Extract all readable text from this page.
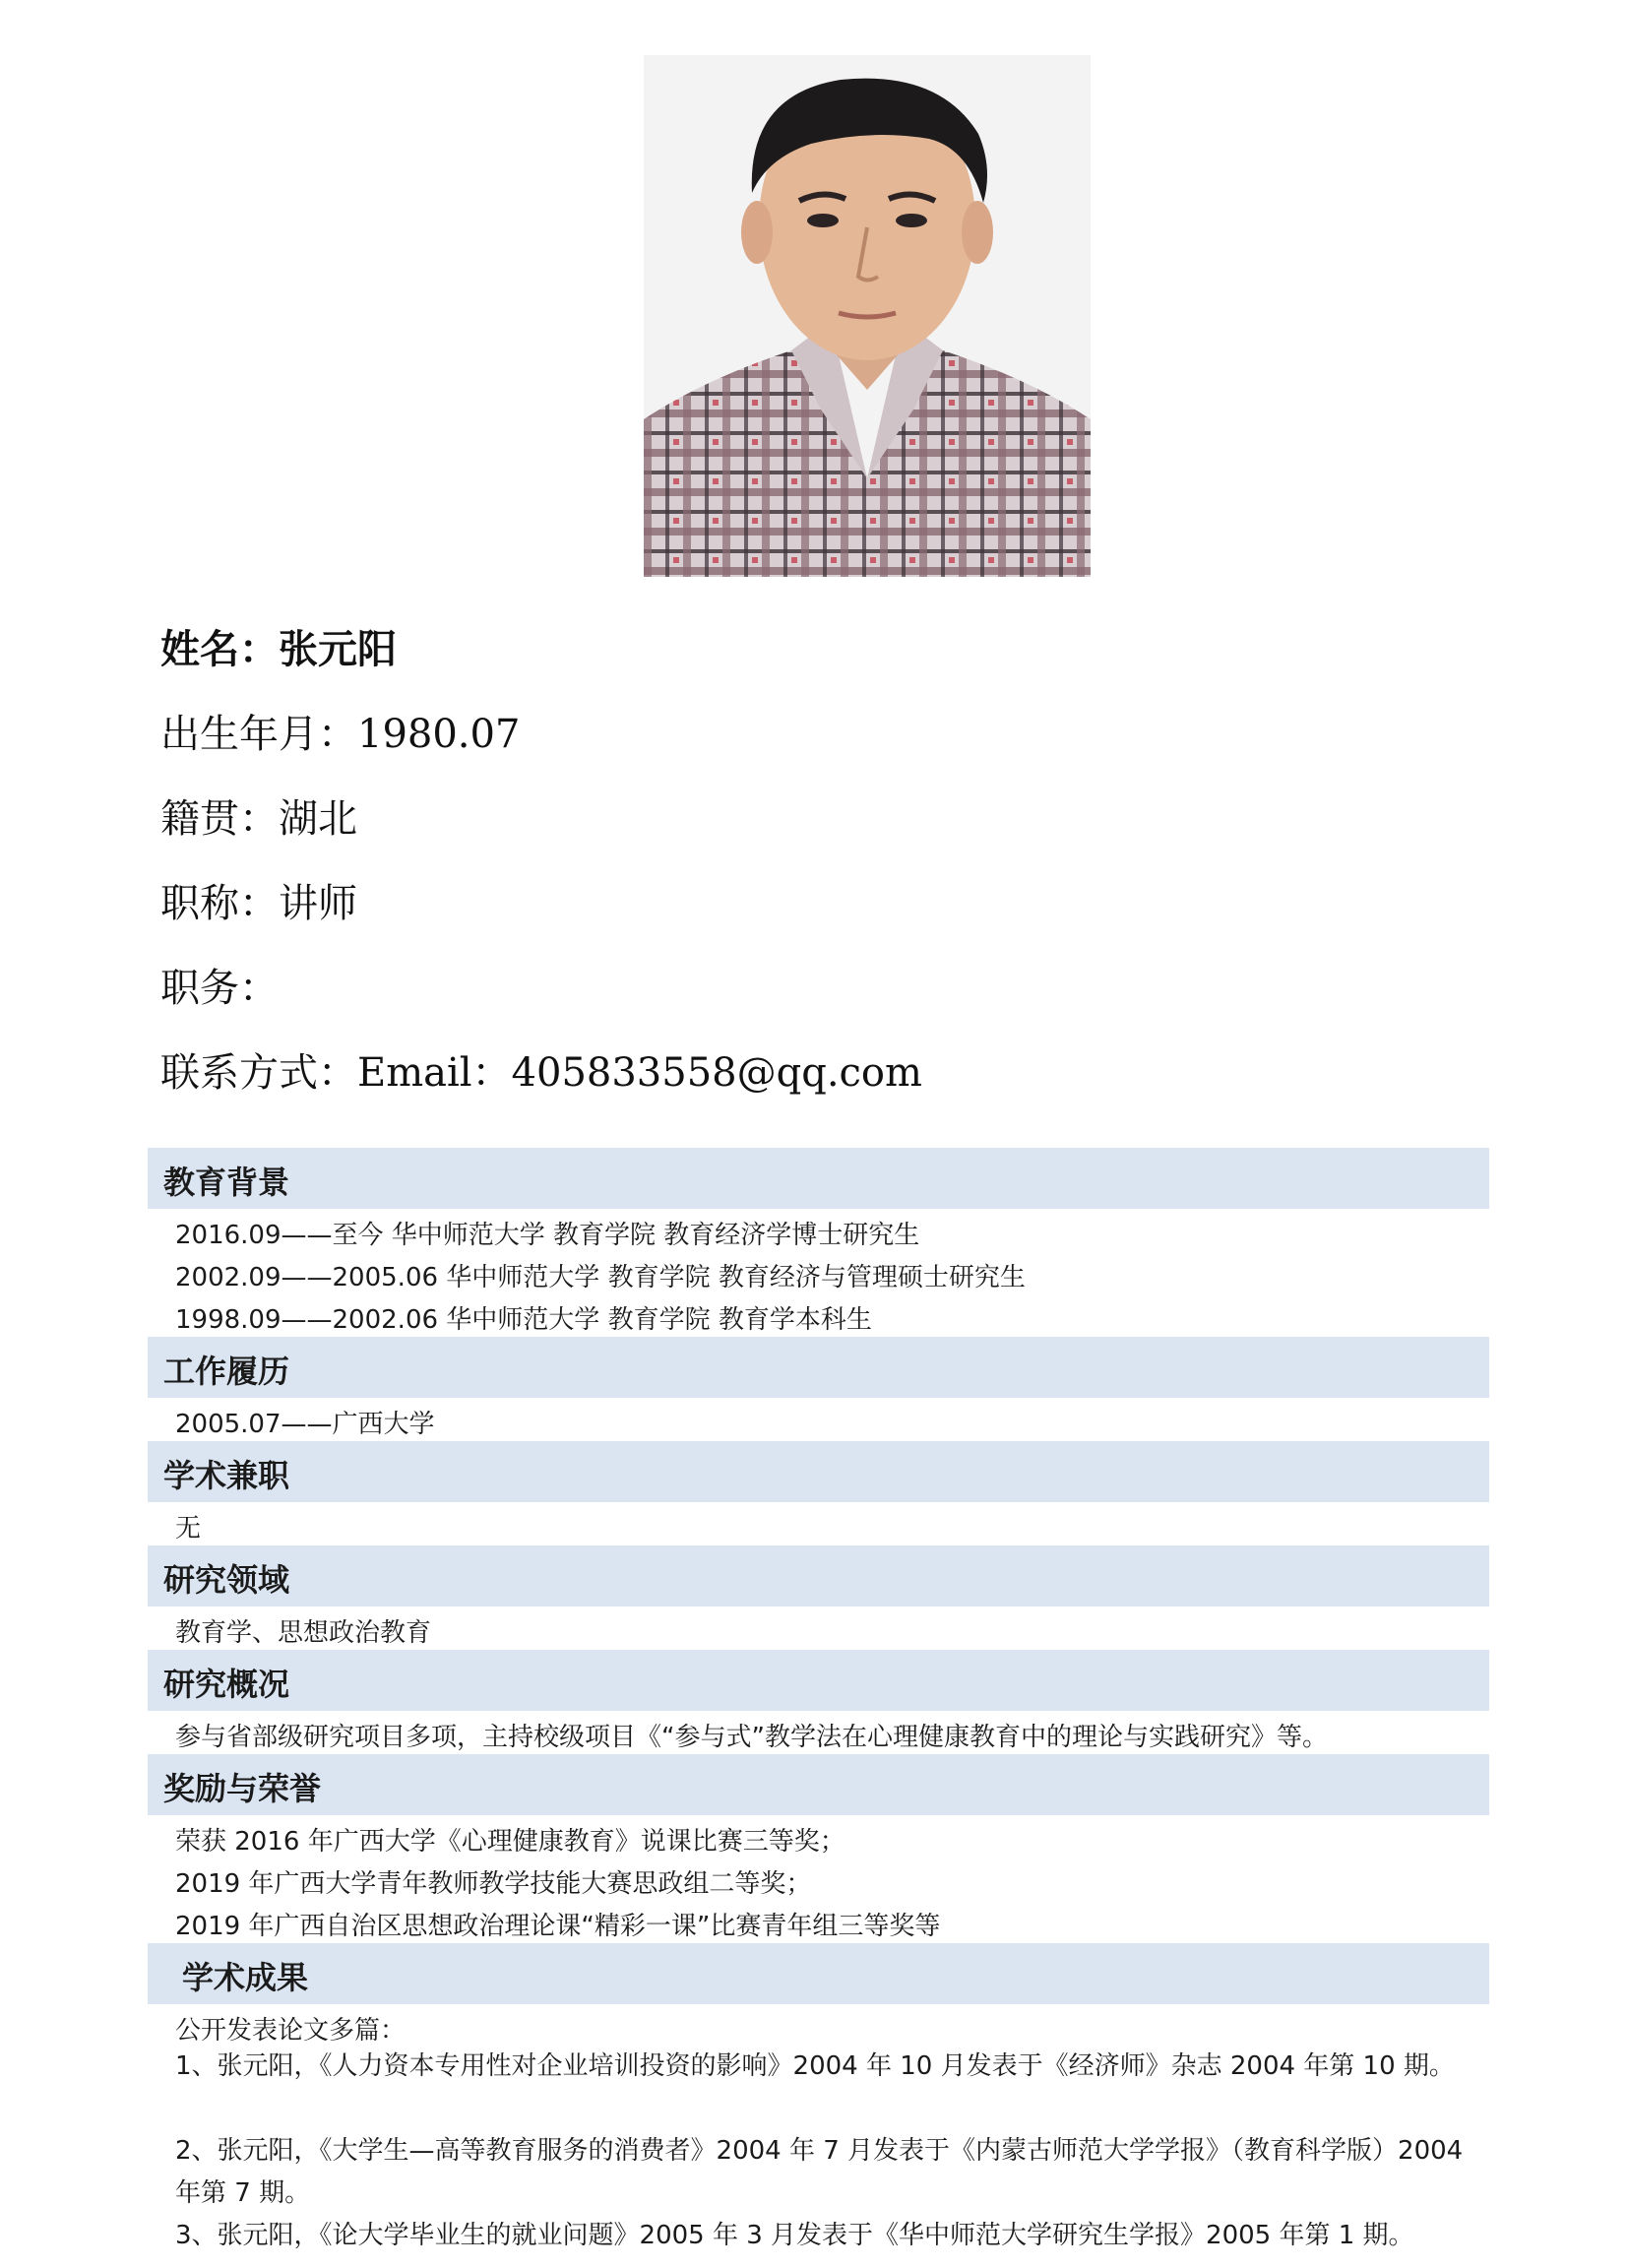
姓名：张元阳
出生年月：1980.07
籍贯：湖北
职称：讲师
职务：
联系方式：Email：405833558@qq.com
教育背景
2016.09——至今 华中师范大学 教育学院 教育经济学博士研究生
2002.09——2005.06 华中师范大学 教育学院 教育经济与管理硕士研究生
1998.09——2002.06 华中师范大学 教育学院 教育学本科生
工作履历
2005.07——广西大学
学术兼职
无
研究领域
教育学、思想政治教育
研究概况
参与省部级研究项目多项，主持校级项目《“参与式”教学法在心理健康教育中的理论与实践研究》等。
奖励与荣誉
荣获 2016 年广西大学《心理健康教育》说课比赛三等奖；
2019 年广西大学青年教师教学技能大赛思政组二等奖；
2019 年广西自治区思想政治理论课“精彩一课”比赛青年组三等奖等
学术成果
公开发表论文多篇：
1、张元阳，《人力资本专用性对企业培训投资的影响》2004 年 10 月发表于《经济师》杂志 2004 年第 10 期。
2、张元阳，《大学生—高等教育服务的消费者》2004 年 7 月发表于《内蒙古师范大学学报》（教育科学版）2004 年第 7 期。
3、张元阳，《论大学毕业生的就业问题》2005 年 3 月发表于《华中师范大学研究生学报》2005 年第 1 期。
